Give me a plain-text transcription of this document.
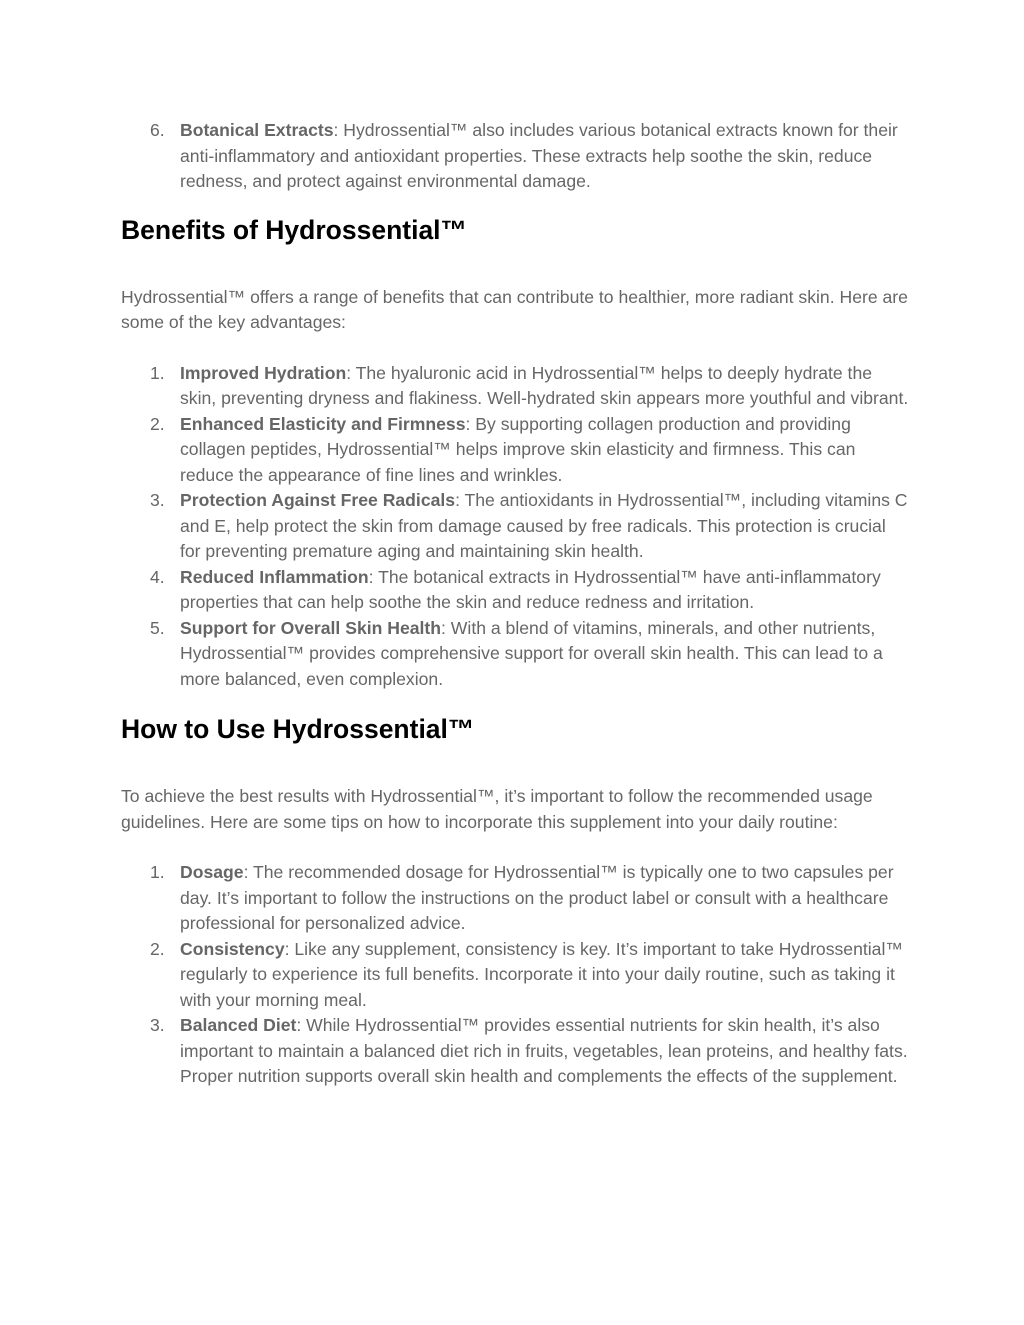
6. Botanical Extracts: Hydrossential™ also includes various botanical extracts known for their anti-inflammatory and antioxidant properties. These extracts help soothe the skin, reduce redness, and protect against environmental damage.
Benefits of Hydrossential™

Hydrossential™ offers a range of benefits that can contribute to healthier, more radiant skin. Here are some of the key advantages:

1. Improved Hydration: The hyaluronic acid in Hydrossential™ helps to deeply hydrate the skin, preventing dryness and flakiness. Well-hydrated skin appears more youthful and vibrant.
2. Enhanced Elasticity and Firmness: By supporting collagen production and providing collagen peptides, Hydrossential™ helps improve skin elasticity and firmness. This can reduce the appearance of fine lines and wrinkles.
3. Protection Against Free Radicals: The antioxidants in Hydrossential™, including vitamins C and E, help protect the skin from damage caused by free radicals. This protection is crucial for preventing premature aging and maintaining skin health.
4. Reduced Inflammation: The botanical extracts in Hydrossential™ have anti-inflammatory properties that can help soothe the skin and reduce redness and irritation.
5. Support for Overall Skin Health: With a blend of vitamins, minerals, and other nutrients, Hydrossential™ provides comprehensive support for overall skin health. This can lead to a more balanced, even complexion.
How to Use Hydrossential™

To achieve the best results with Hydrossential™, it’s important to follow the recommended usage guidelines. Here are some tips on how to incorporate this supplement into your daily routine:

1. Dosage: The recommended dosage for Hydrossential™ is typically one to two capsules per day. It’s important to follow the instructions on the product label or consult with a healthcare professional for personalized advice.
2. Consistency: Like any supplement, consistency is key. It’s important to take Hydrossential™ regularly to experience its full benefits. Incorporate it into your daily routine, such as taking it with your morning meal.
3. Balanced Diet: While Hydrossential™ provides essential nutrients for skin health, it’s also important to maintain a balanced diet rich in fruits, vegetables, lean proteins, and healthy fats. Proper nutrition supports overall skin health and complements the effects of the supplement.
